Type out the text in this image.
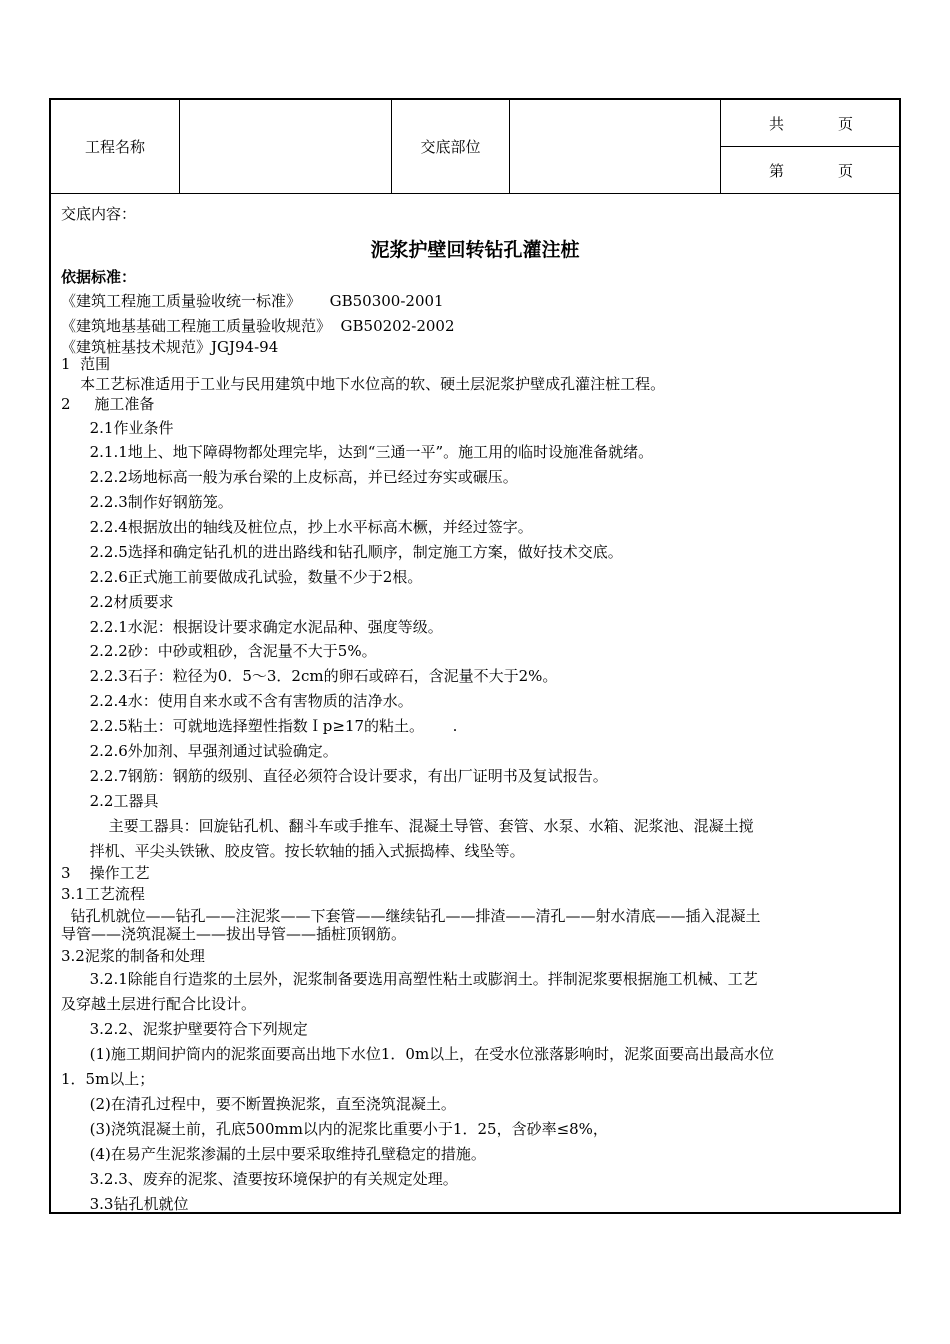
工程名称	交底部位
共	页
第	页
交底内容：
泥浆护壁回转钻孔灌注桩
依据标准：
《建筑工程施工质量验收统一标准》      GB50300-2001
《建筑地基基础工程施工质量验收规范》  GB50202-2002
《建筑桩基技术规范》JGJ94-94
1  范围
本工艺标准适用于工业与民用建筑中地下水位高的软、硬土层泥浆护壁成孔灌注桩工程。
2     施工准备
2.1作业条件
2.1.1地上、地下障碍物都处理完毕，达到“三通一平”。施工用的临时设施准备就绪。
2.2.2场地标高一般为承台梁的上皮标高，并已经过夯实或碾压。
2.2.3制作好钢筋笼。
2.2.4根据放出的轴线及桩位点，抄上水平标高木橛，并经过签字。
2.2.5选择和确定钻孔机的进出路线和钻孔顺序，制定施工方案，做好技术交底。
2.2.6正式施工前要做成孔试验，数量不少于2根。
2.2材质要求
2.2.1水泥：根据设计要求确定水泥品种、强度等级。
2.2.2砂：中砂或粗砂，含泥量不大于5%。
2.2.3石子：粒径为0．5～3．2cm的卵石或碎石，含泥量不大于2%。
2.2.4水：使用自来水或不含有害物质的洁净水。
2.2.5粘土：可就地选择塑性指数Ｉp≥17的粘土。      .
2.2.6外加剂、早强剂通过试验确定。
2.2.7钢筋：钢筋的级别、直径必须符合设计要求，有出厂证明书及复试报告。
2.2工器具
主要工器具：回旋钻孔机、翻斗车或手推车、混凝土导管、套管、水泵、水箱、泥浆池、混凝土搅
拌机、平尖头铁锹、胶皮管。按长软轴的插入式振捣棒、线坠等。
3    操作工艺
3.1工艺流程
钻孔机就位——钻孔——注泥浆——下套管——继续钻孔——排渣——清孔——射水清底——插入混凝土
导管——浇筑混凝土——拔出导管——插桩顶钢筋。
3.2泥浆的制备和处理
3.2.1除能自行造浆的土层外，泥浆制备要选用高塑性粘土或膨润土。拌制泥浆要根据施工机械、工艺
及穿越土层进行配合比设计。
3.2.2、泥浆护壁要符合下列规定
(1)施工期间护筒内的泥浆面要高出地下水位1．0m以上，在受水位涨落影响时，泥浆面要高出最高水位
1．5m以上；
(2)在清孔过程中，要不断置换泥浆，直至浇筑混凝土。
(3)浇筑混凝土前，孔底500mm以内的泥浆比重要小于1．25，含砂率≤8%，
(4)在易产生泥浆渗漏的土层中要采取维持孔壁稳定的措施。
3.2.3、废弃的泥浆、渣要按环境保护的有关规定处理。
3.3钻孔机就位
